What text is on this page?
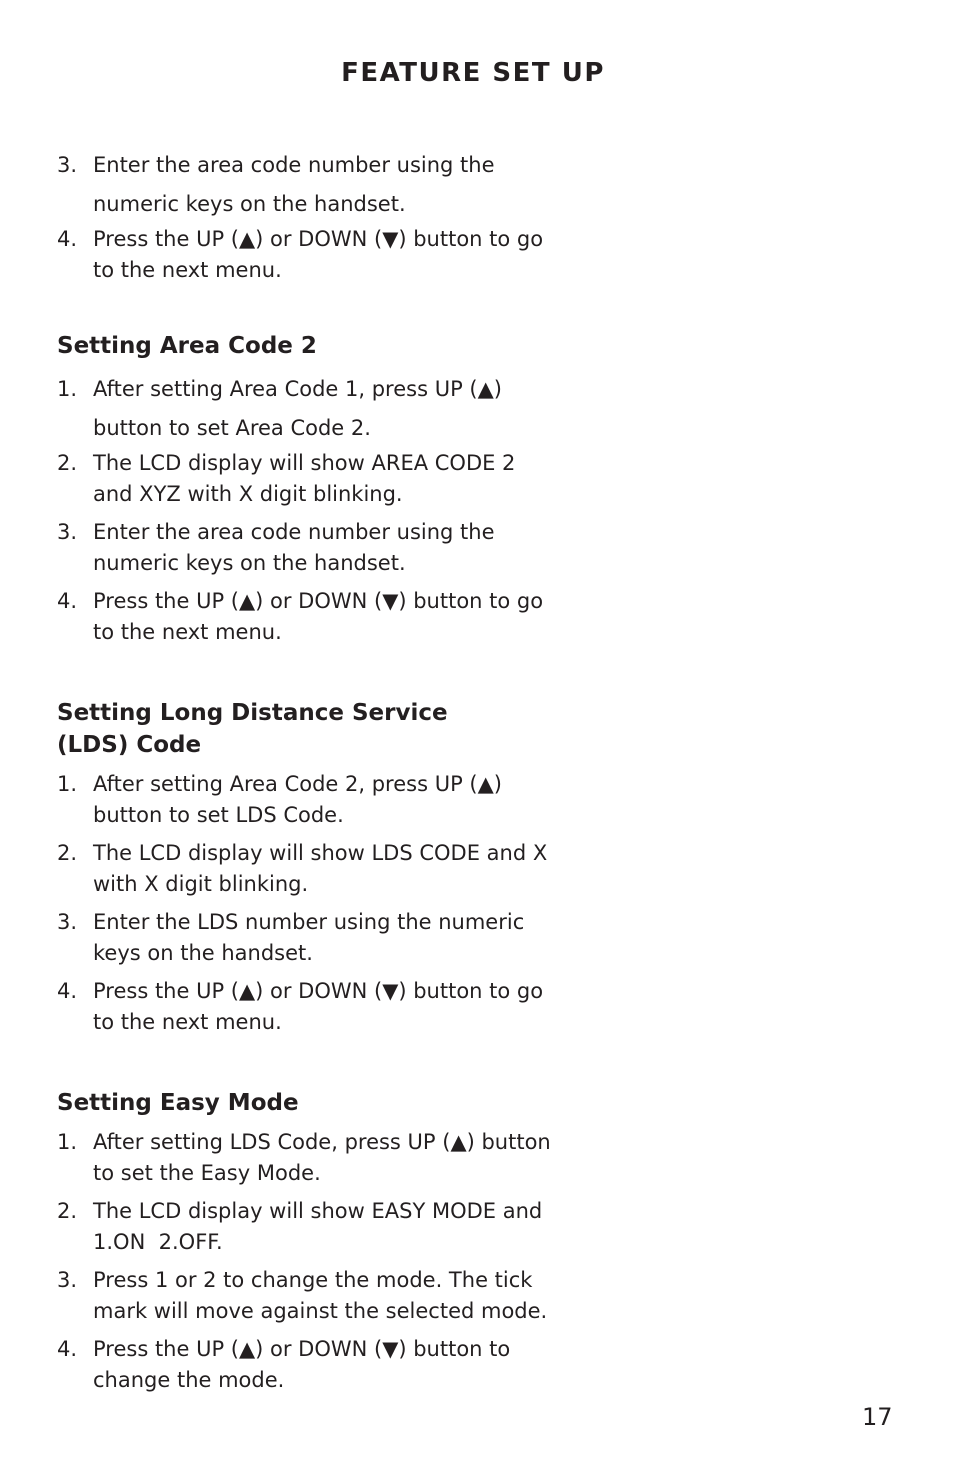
FEATURE SET UP
3. Enter the area code number using the numeric keys on the handset.
4. Press the UP (▲) or DOWN (▼) button to go to the next menu.
Setting Area Code 2
1. After setting Area Code 1, press UP (▲) button to set Area Code 2.
2. The LCD display will show AREA CODE 2 and XYZ with X digit blinking.
3. Enter the area code number using the numeric keys on the handset.
4. Press the UP (▲) or DOWN (▼) button to go to the next menu.
Setting Long Distance Service
(LDS) Code
1. After setting Area Code 2, press UP (▲) button to set LDS Code.
2. The LCD display will show LDS CODE and X with X digit blinking.
3. Enter the LDS number using the numeric keys on the handset.
4. Press the UP (▲) or DOWN (▼) button to go to the next menu.
Setting Easy Mode
1. After setting LDS Code, press UP (▲) button to set the Easy Mode.
2. The LCD display will show EASY MODE and 1.ON  2.OFF.
3. Press 1 or 2 to change the mode. The tick mark will move against the selected mode.
4. Press the UP (▲) or DOWN (▼) button to change the mode.
17
